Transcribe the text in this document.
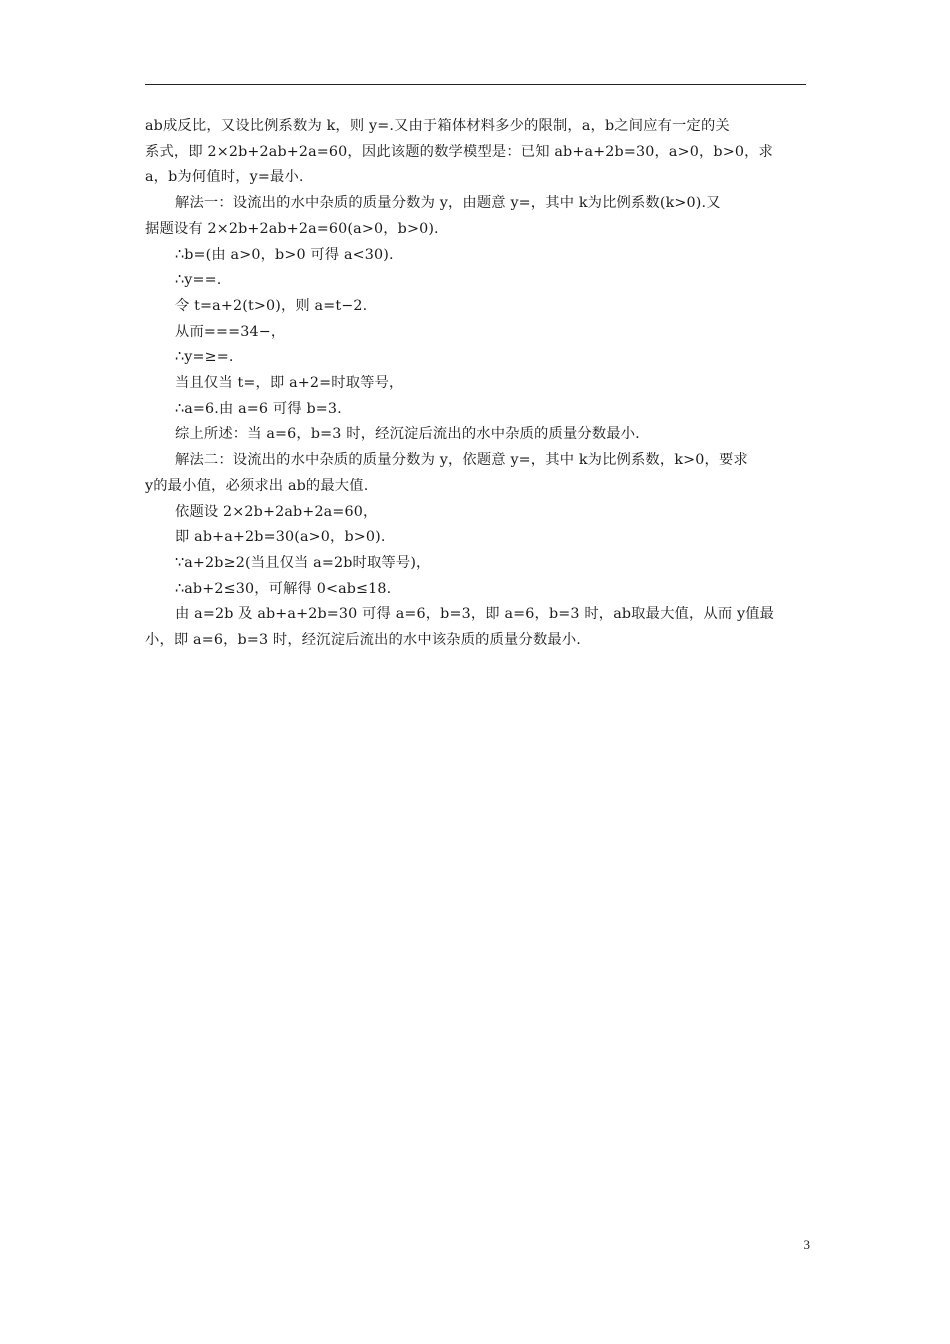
ab成反比，又设比例系数为 k，则 y=.又由于箱体材料多少的限制，a，b之间应有一定的关

系式，即 2×2b+2ab+2a=60，因此该题的数学模型是：已知 ab+a+2b=30，a>0，b>0，求

a，b为何值时，y=最小.

解法一：设流出的水中杂质的质量分数为 y，由题意 y=，其中 k为比例系数(k>0).又

据题设有 2×2b+2ab+2a=60(a>0，b>0).

∴b=(由 a>0，b>0 可得 a<30).

∴y==.

令 t=a+2(t>0)，则 a=t−2.

从而===34−，

∴y=≥=.

当且仅当 t=，即 a+2=时取等号，

∴a=6.由 a=6 可得 b=3.

综上所述：当 a=6，b=3 时，经沉淀后流出的水中杂质的质量分数最小.

解法二：设流出的水中杂质的质量分数为 y，依题意 y=，其中 k为比例系数，k>0，要求

y的最小值，必须求出 ab的最大值.

依题设 2×2b+2ab+2a=60，

即 ab+a+2b=30(a>0，b>0).

∵a+2b≥2(当且仅当 a=2b时取等号)，

∴ab+2≤30，可解得 0<ab≤18.

由 a=2b 及 ab+a+2b=30 可得 a=6，b=3，即 a=6，b=3 时，ab取最大值，从而 y值最

小，即 a=6，b=3 时，经沉淀后流出的水中该杂质的质量分数最小.

3
